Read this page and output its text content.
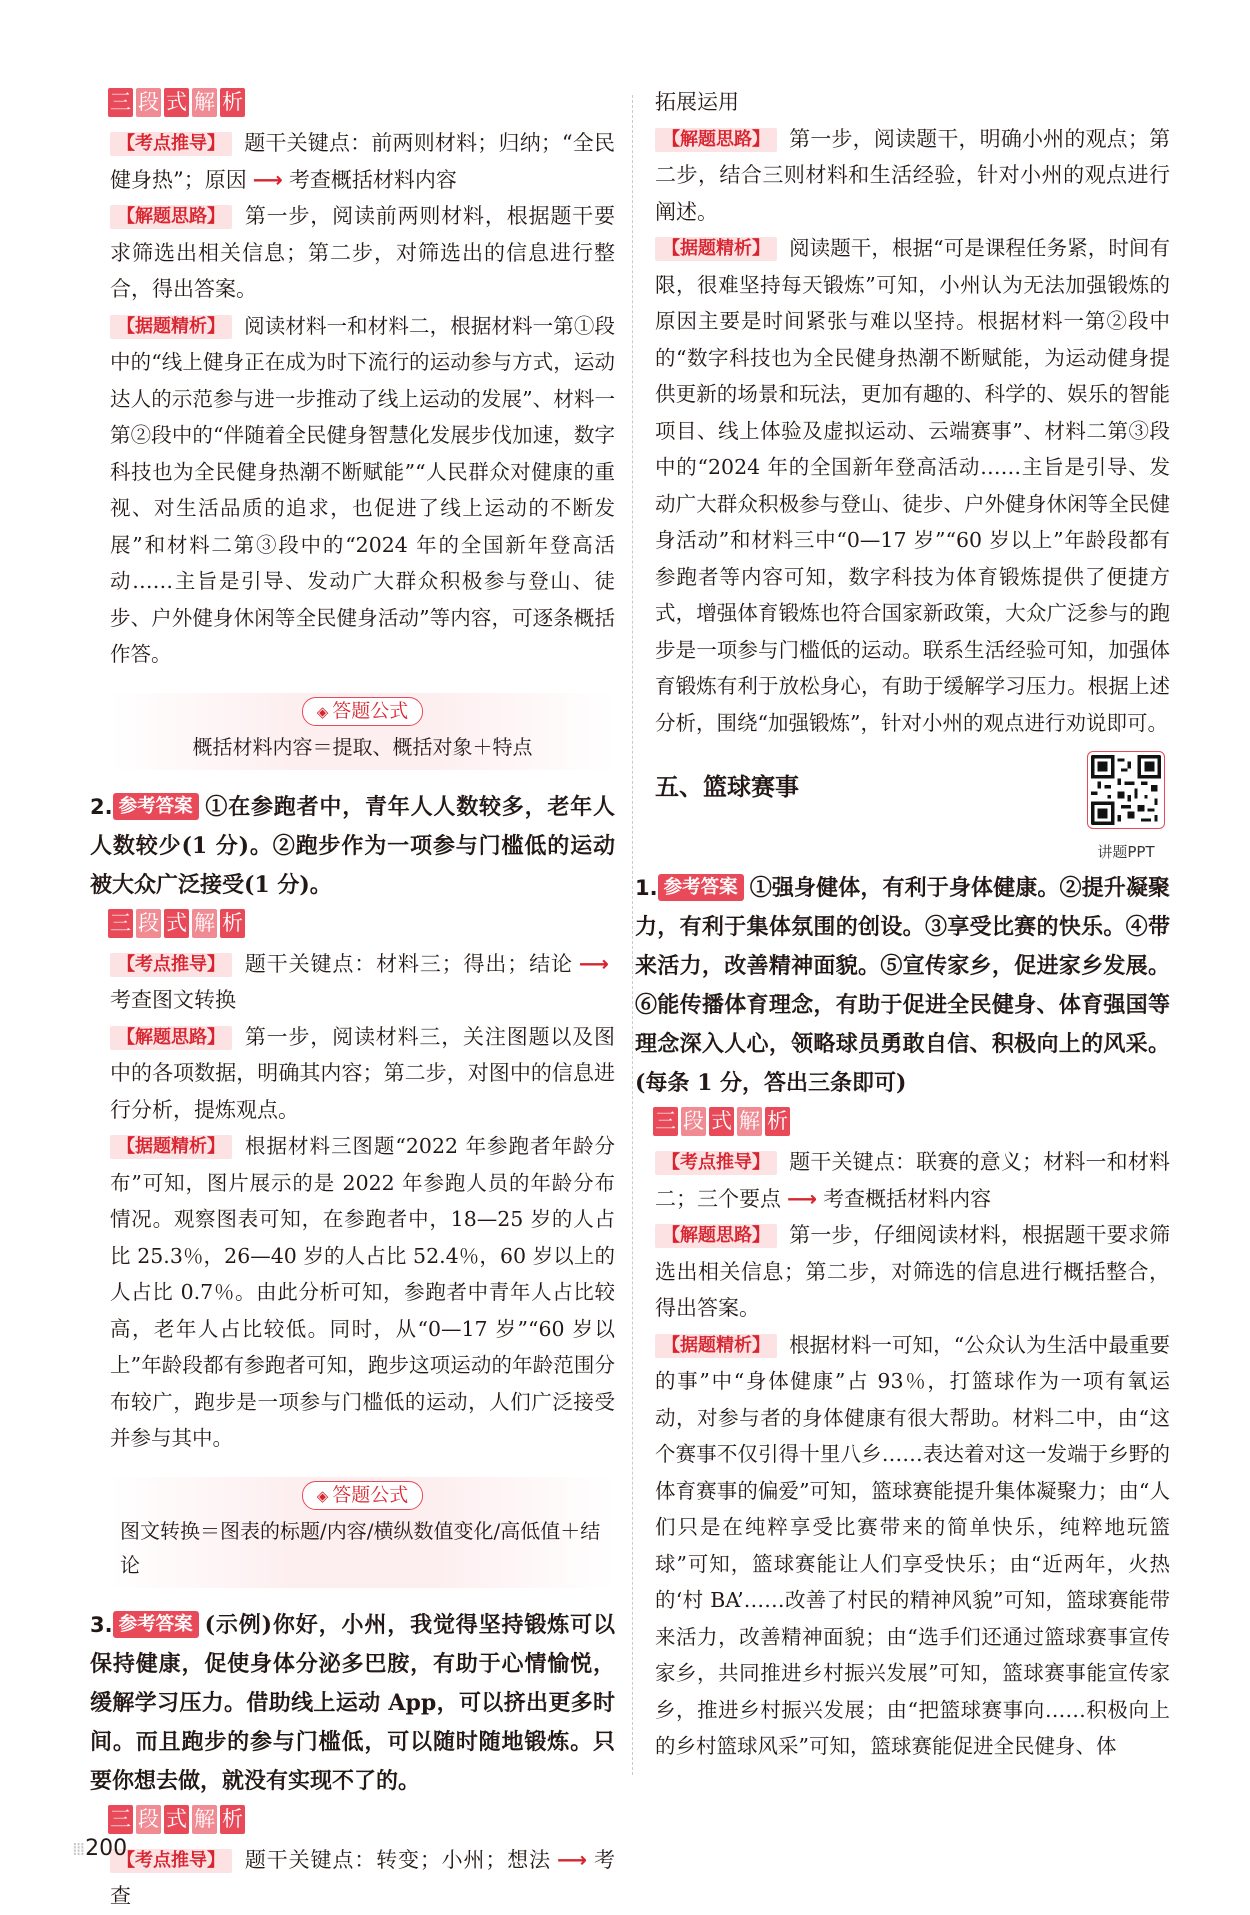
三 段 式 解 析

【考点推导】 题干关键点：前两则材料；归纳；“全民健身热”；原因 ⟶ 考查概括材料内容

【解题思路】 第一步，阅读前两则材料，根据题干要求筛选出相关信息；第二步，对筛选出的信息进行整合，得出答案。

【据题精析】 阅读材料一和材料二，根据材料一第①段中的“线上健身正在成为时下流行的运动参与方式，运动达人的示范参与进一步推动了线上运动的发展”、材料一第②段中的“伴随着全民健身智慧化发展步伐加速，数字科技也为全民健身热潮不断赋能”“人民群众对健康的重视、对生活品质的追求，也促进了线上运动的不断发展”和材料二第③段中的“2024 年的全国新年登高活动……主旨是引导、发动广大群众积极参与登山、徒步、户外健身休闲等全民健身活动”等内容，可逐条概括作答。

◈ 答题公式
概括材料内容＝提取、概括对象＋特点

2. 参考答案 ①在参跑者中，青年人人数较多，老年人人数较少(1 分)。②跑步作为一项参与门槛低的运动被大众广泛接受(1 分)。

三 段 式 解 析

【考点推导】 题干关键点：材料三；得出；结论 ⟶考查图文转换

【解题思路】 第一步，阅读材料三，关注图题以及图中的各项数据，明确其内容；第二步，对图中的信息进行分析，提炼观点。

【据题精析】 根据材料三图题“2022 年参跑者年龄分布”可知，图片展示的是 2022 年参跑人员的年龄分布情况。观察图表可知，在参跑者中，18—25 岁的人占比 25.3％，26—40 岁的人占比 52.4％，60 岁以上的人占比 0.7％。由此分析可知，参跑者中青年人占比较高，老年人占比较低。同时，从“0—17 岁”“60 岁以上”年龄段都有参跑者可知，跑步这项运动的年龄范围分布较广，跑步是一项参与门槛低的运动，人们广泛接受并参与其中。

◈ 答题公式
图文转换＝图表的标题/内容/横纵数值变化/高低值＋结论

3. 参考答案 (示例)你好，小州，我觉得坚持锻炼可以保持健康，促使身体分泌多巴胺，有助于心情愉悦，缓解学习压力。借助线上运动 App，可以挤出更多时间。而且跑步的参与门槛低，可以随时随地锻炼。只要你想去做，就没有实现不了的。

三 段 式 解 析

【考点推导】 题干关键点：转变；小州；想法 ⟶ 考查

拓展运用

【解题思路】 第一步，阅读题干，明确小州的观点；第二步，结合三则材料和生活经验，针对小州的观点进行阐述。

【据题精析】 阅读题干，根据“可是课程任务紧，时间有限，很难坚持每天锻炼”可知，小州认为无法加强锻炼的原因主要是时间紧张与难以坚持。根据材料一第②段中的“数字科技也为全民健身热潮不断赋能，为运动健身提供更新的场景和玩法，更加有趣的、科学的、娱乐的智能项目、线上体验及虚拟运动、云端赛事”、材料二第③段中的“2024 年的全国新年登高活动……主旨是引导、发动广大群众积极参与登山、徒步、户外健身休闲等全民健身活动”和材料三中“0—17 岁”“60 岁以上”年龄段都有参跑者等内容可知，数字科技为体育锻炼提供了便捷方式，增强体育锻炼也符合国家新政策，大众广泛参与的跑步是一项参与门槛低的运动。联系生活经验可知，加强体育锻炼有利于放松身心，有助于缓解学习压力。根据上述分析，围绕“加强锻炼”，针对小州的观点进行劝说即可。

五、篮球赛事

讲题PPT

1. 参考答案 ①强身健体，有利于身体健康。②提升凝聚力，有利于集体氛围的创设。③享受比赛的快乐。④带来活力，改善精神面貌。⑤宣传家乡，促进家乡发展。⑥能传播体育理念，有助于促进全民健身、体育强国等理念深入人心，领略球员勇敢自信、积极向上的风采。(每条 1 分，答出三条即可)

三 段 式 解 析

【考点推导】 题干关键点：联赛的意义；材料一和材料二；三个要点 ⟶ 考查概括材料内容

【解题思路】 第一步，仔细阅读材料，根据题干要求筛选出相关信息；第二步，对筛选的信息进行概括整合，得出答案。

【据题精析】 根据材料一可知，“公众认为生活中最重要的事”中“身体健康”占 93％，打篮球作为一项有氧运动，对参与者的身体健康有很大帮助。材料二中，由“这个赛事不仅引得十里八乡……表达着对这一发端于乡野的体育赛事的偏爱”可知，篮球赛能提升集体凝聚力；由“人们只是在纯粹享受比赛带来的简单快乐，纯粹地玩篮球”可知，篮球赛能让人们享受快乐；由“近两年，火热的‘村 BA’……改善了村民的精神风貌”可知，篮球赛能带来活力，改善精神面貌；由“选手们还通过篮球赛事宣传家乡，共同推进乡村振兴发展”可知，篮球赛事能宣传家乡，推进乡村振兴发展；由“把篮球赛事向……积极向上的乡村篮球风采”可知，篮球赛能促进全民健身、体

⁞⁞⁞200
